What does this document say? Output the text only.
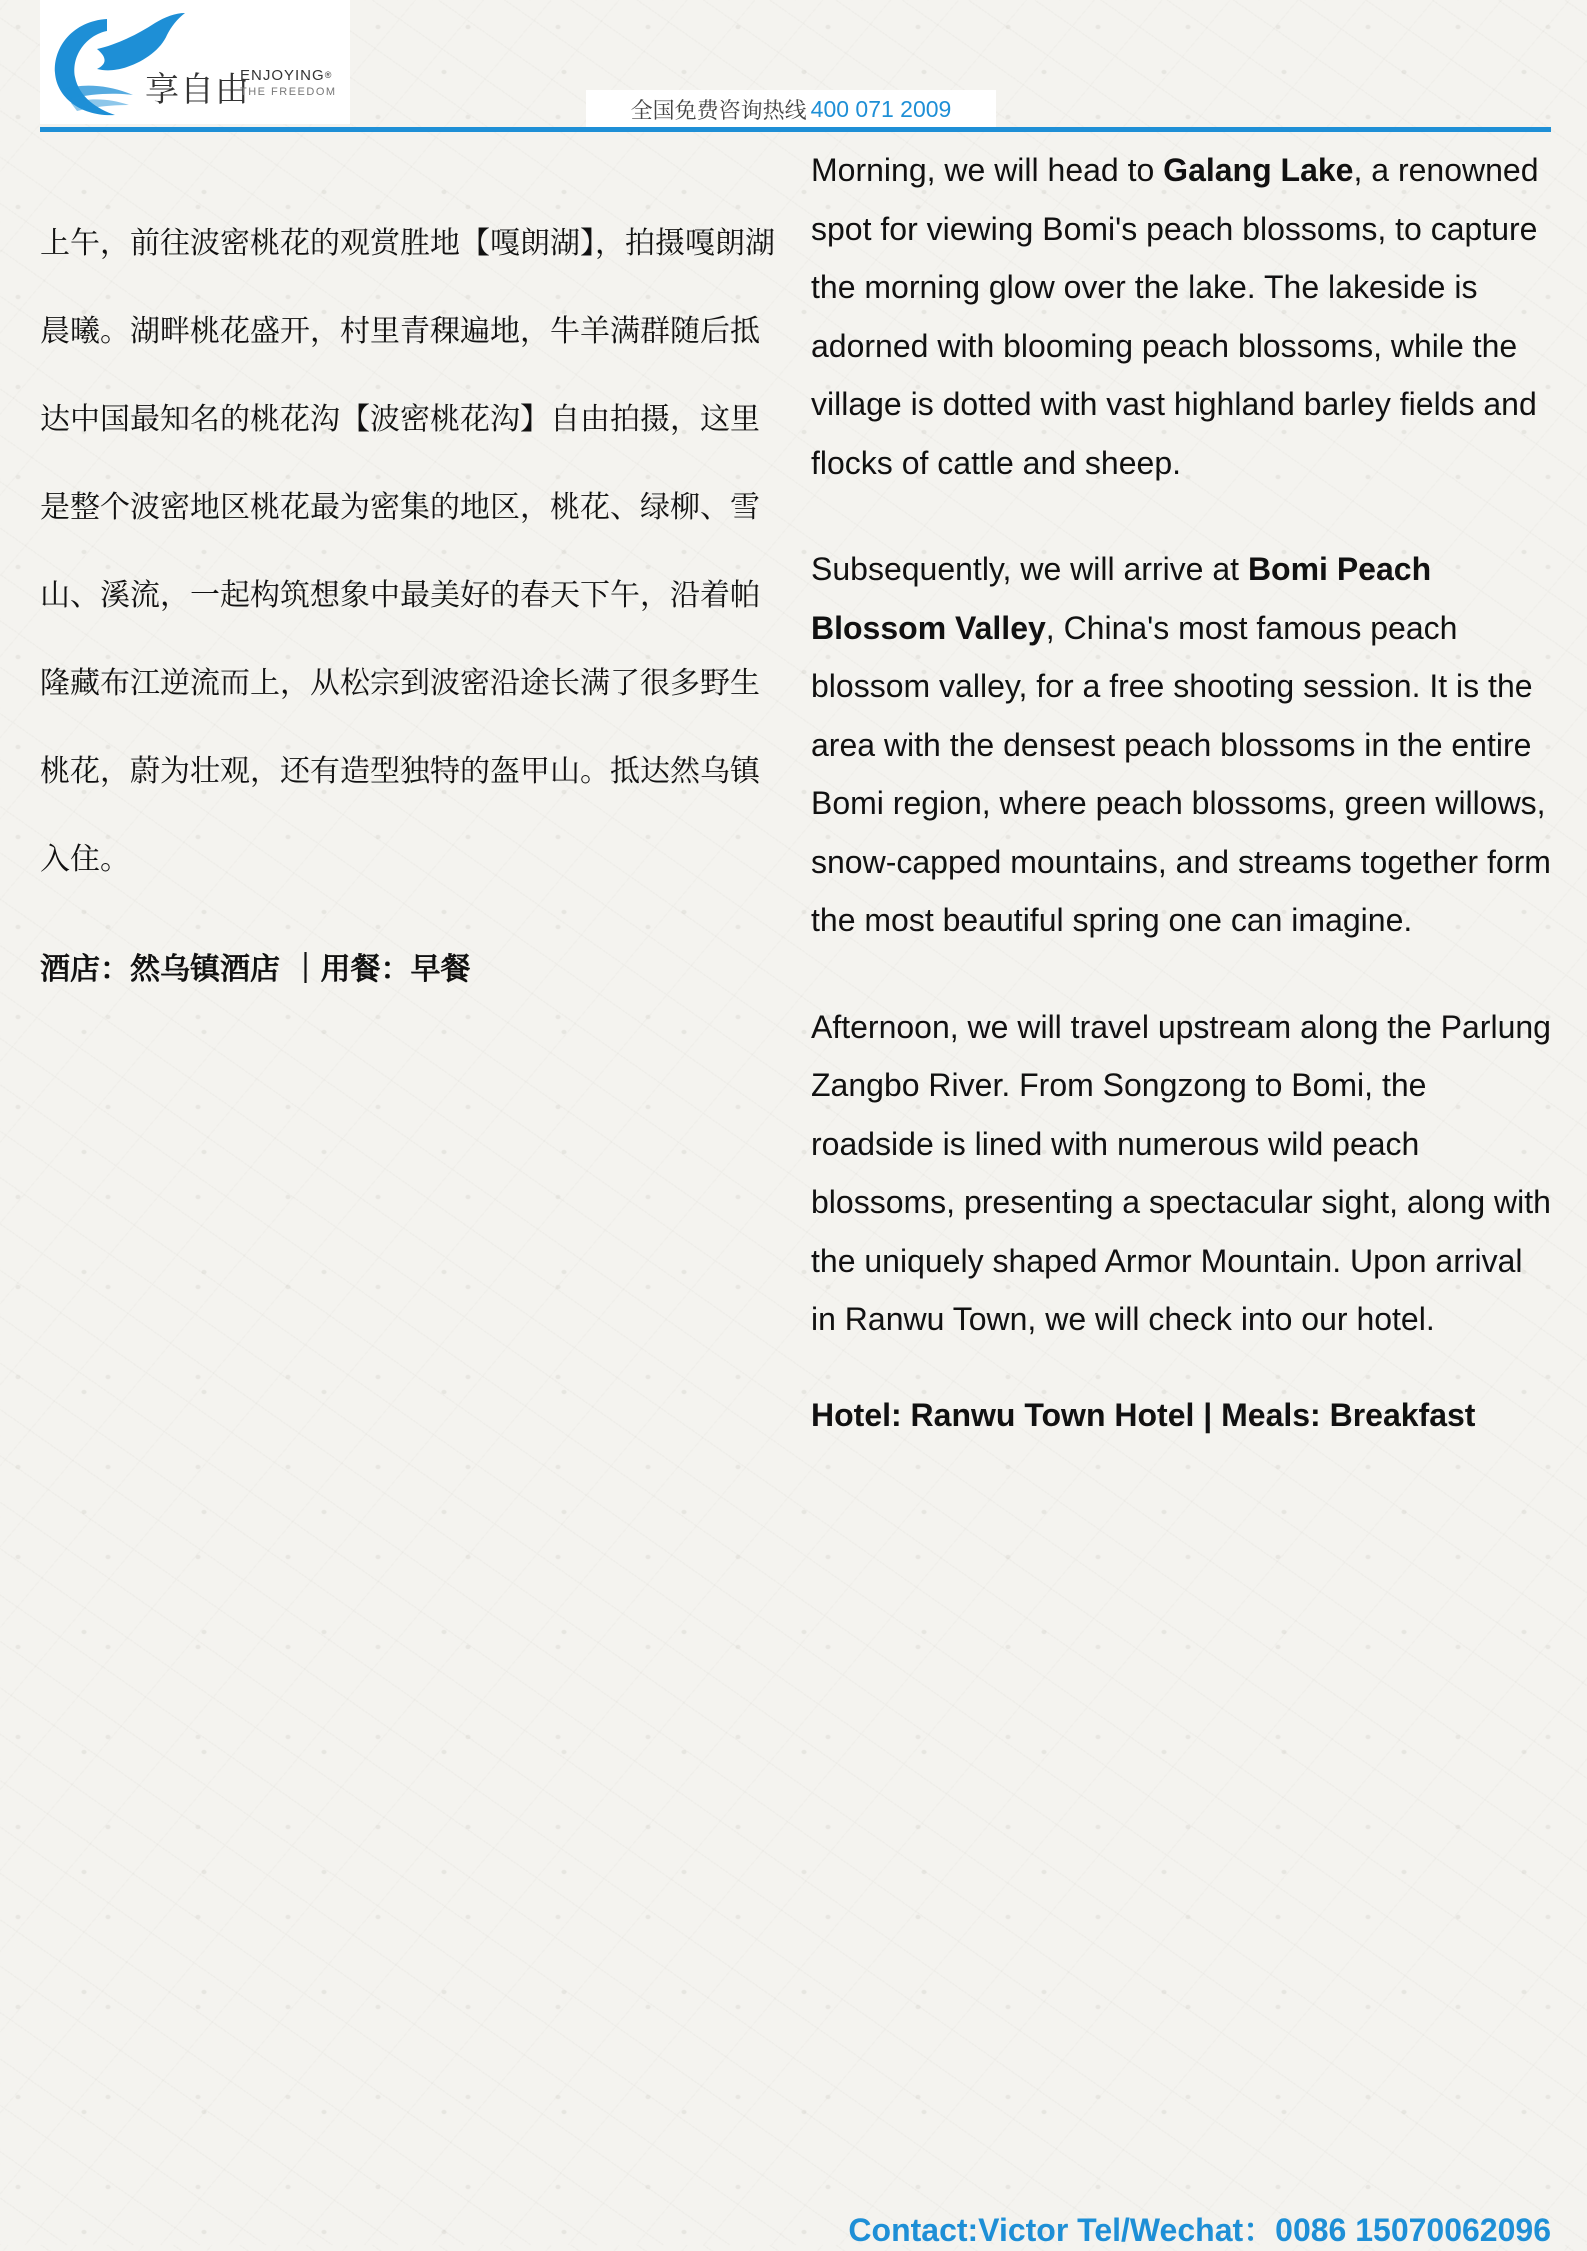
享自由
ENJOYING®
THE FREEDOM
全国免费咨询热线 400 071 2009

上午，前往波密桃花的观赏胜地【嘎朗湖】，拍摄嘎朗湖晨曦。湖畔桃花盛开，村里青稞遍地，牛羊满群随后抵达中国最知名的桃花沟【波密桃花沟】自由拍摄，这里是整个波密地区桃花最为密集的地区，桃花、绿柳、雪山、溪流，一起构筑想象中最美好的春天下午，沿着帕隆藏布江逆流而上，从松宗到波密沿途长满了很多野生桃花，蔚为壮观，还有造型独特的盔甲山。抵达然乌镇入住。

酒店：然乌镇酒店 ｜用餐：早餐

Morning, we will head to Galang Lake, a renowned spot for viewing Bomi's peach blossoms, to capture the morning glow over the lake. The lakeside is adorned with blooming peach blossoms, while the village is dotted with vast highland barley fields and flocks of cattle and sheep.

Subsequently, we will arrive at Bomi Peach Blossom Valley, China's most famous peach blossom valley, for a free shooting session. It is the area with the densest peach blossoms in the entire Bomi region, where peach blossoms, green willows, snow-capped mountains, and streams together form the most beautiful spring one can imagine.

Afternoon, we will travel upstream along the Parlung Zangbo River. From Songzong to Bomi, the roadside is lined with numerous wild peach blossoms, presenting a spectacular sight, along with the uniquely shaped Armor Mountain. Upon arrival in Ranwu Town, we will check into our hotel.

Hotel: Ranwu Town Hotel | Meals: Breakfast

Contact:Victor Tel/Wechat：0086 15070062096
